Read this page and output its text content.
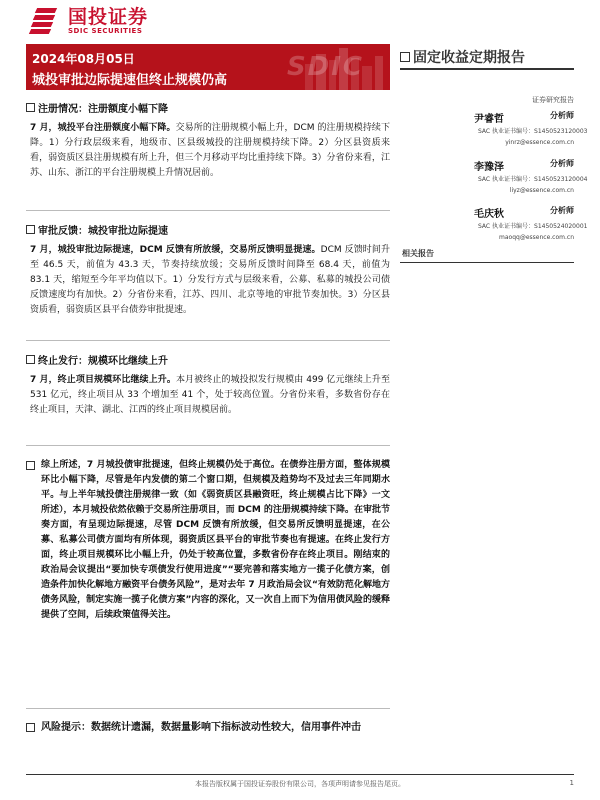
国投证券
SDIC SECURITIES
SDIC
2024年08月05日
城投审批边际提速但终止规模仍高
固定收益定期报告
证券研究报告
尹睿哲	分析师
SAC 执业证书编号：S1450523120003
yinrz@essence.com.cn
李豫泽	分析师
SAC 执业证书编号：S1450523120004
liyz@essence.com.cn
毛庆秋	分析师
SAC 执业证书编号：S1450524020001
maoqq@essence.com.cn
相关报告
注册情况：注册额度小幅下降

7 月，城投平台注册额度小幅下降。交易所的注册规模小幅上升，DCM 的注册规模持续下降。1）分行政层级来看，地级市、区县级城投的注册规模持续下降。2）分区县资质来看，弱资质区县注册规模有所上升，但三个月移动平均比重持续下降。3）分省份来看，江苏、山东、浙江的平台注册规模上升情况居前。

审批反馈：城投审批边际提速

7 月，城投审批边际提速，DCM 反馈有所放缓，交易所反馈明显提速。DCM 反馈时间升至 46.5 天，前值为 43.3 天，节奏持续放缓；交易所反馈时间降至 68.4 天，前值为 83.1 天，缩短至今年平均值以下。1）分发行方式与层级来看，公募、私募的城投公司债反馈速度均有加快。2）分省份来看，江苏、四川、北京等地的审批节奏加快。3）分区县资质看，弱资质区县平台债券审批提速。

终止发行：规模环比继续上升

7 月，终止项目规模环比继续上升。本月被终止的城投拟发行规模由 499 亿元继续上升至 531 亿元，终止项目从 33 个增加至 41 个，处于较高位置。分省份来看，多数省份存在终止项目，天津、湖北、江西的终止项目规模居前。

综上所述，7 月城投债审批提速，但终止规模仍处于高位。在债券注册方面，整体规模环比小幅下降，尽管是年内发债的第二个窗口期，但规模及趋势均不及过去三年同期水平。与上半年城投债注册规律一致（如《弱资质区县融资旺，终止规模占比下降》一文所述），本月城投依然依赖于交易所注册项目，而 DCM 的注册规模持续下降。在审批节奏方面，有呈现边际提速，尽管 DCM 反馈有所放缓，但交易所反馈明显提速，在公募、私募公司债方面均有所体现，弱资质区县平台的审批节奏也有提速。在终止发行方面，终止项目规模环比小幅上升，仍处于较高位置，多数省份存在终止项目。刚结束的政治局会议提出“要加快专项债发行使用进度”“要完善和落实地方一揽子化债方案，创造条件加快化解地方融资平台债务风险”，是对去年 7 月政治局会议“有效防范化解地方债务风险，制定实施一揽子化债方案”内容的深化，又一次自上而下为信用债风险的缓释提供了空间，后续政策值得关注。

风险提示：数据统计遗漏，数据量影响下指标波动性较大，信用事件冲击

本报告版权属于国投证券股份有限公司，各项声明请参见报告尾页。	1
